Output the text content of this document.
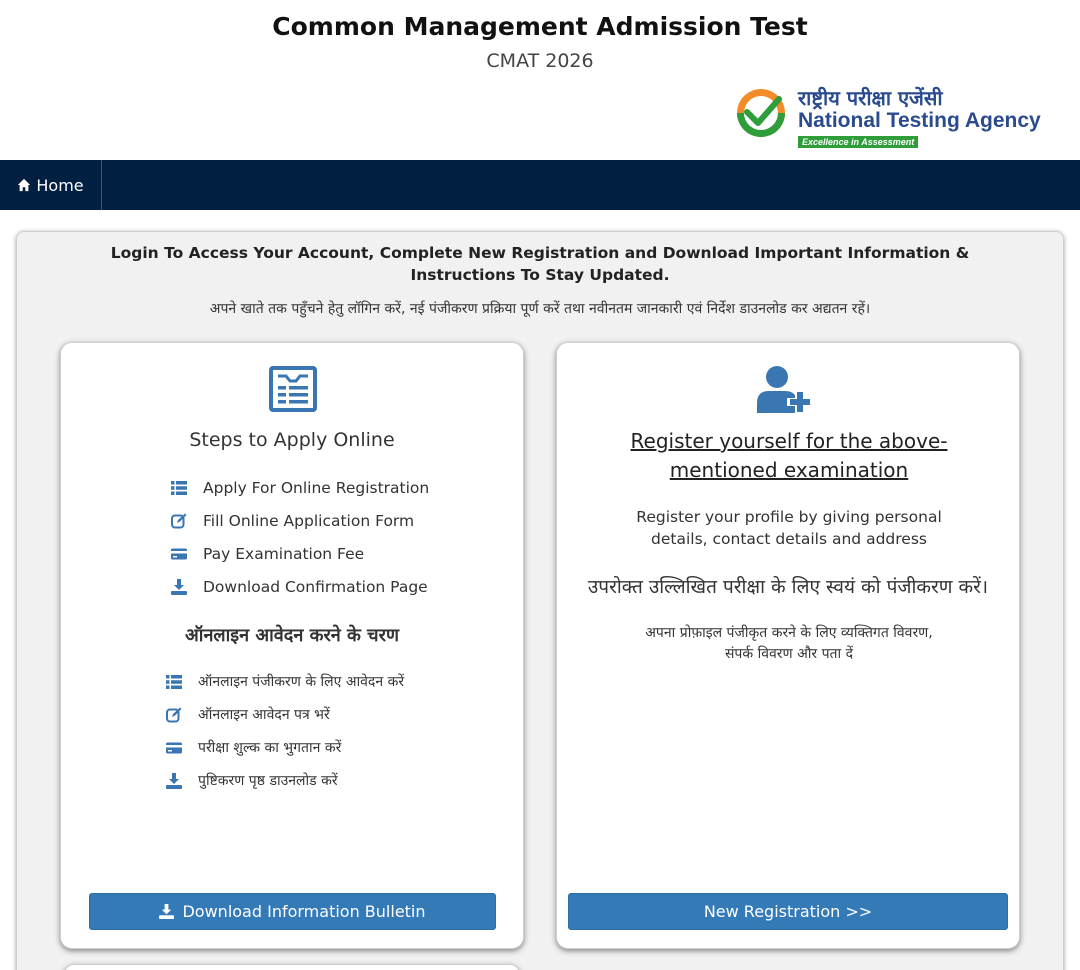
Common Management Admission Test
CMAT 2026
राष्ट्रीय परीक्षा एजेंसी
National Testing Agency
Excellence in Assessment
Home
Login To Access Your Account, Complete New Registration and Download Important Information & Instructions To Stay Updated.
अपने खाते तक पहुँचने हेतु लॉगिन करें, नई पंजीकरण प्रक्रिया पूर्ण करें तथा नवीनतम जानकारी एवं निर्देश डाउनलोड कर अद्यतन रहें।
Steps to Apply Online
Apply For Online Registration
Fill Online Application Form
Pay Examination Fee
Download Confirmation Page
ऑनलाइन आवेदन करने के चरण
ऑनलाइन पंजीकरण के लिए आवेदन करें
ऑनलाइन आवेदन पत्र भरें
परीक्षा शुल्क का भुगतान करें
पुष्टिकरण पृष्ठ डाउनलोड करें
Download Information Bulletin
Register yourself for the above-mentioned examination
Register your profile by giving personal details, contact details and address
उपरोक्त उल्लिखित परीक्षा के लिए स्वयं को पंजीकरण करें।
अपना प्रोफ़ाइल पंजीकृत करने के लिए व्यक्तिगत विवरण, संपर्क विवरण और पता दें
New Registration >>
